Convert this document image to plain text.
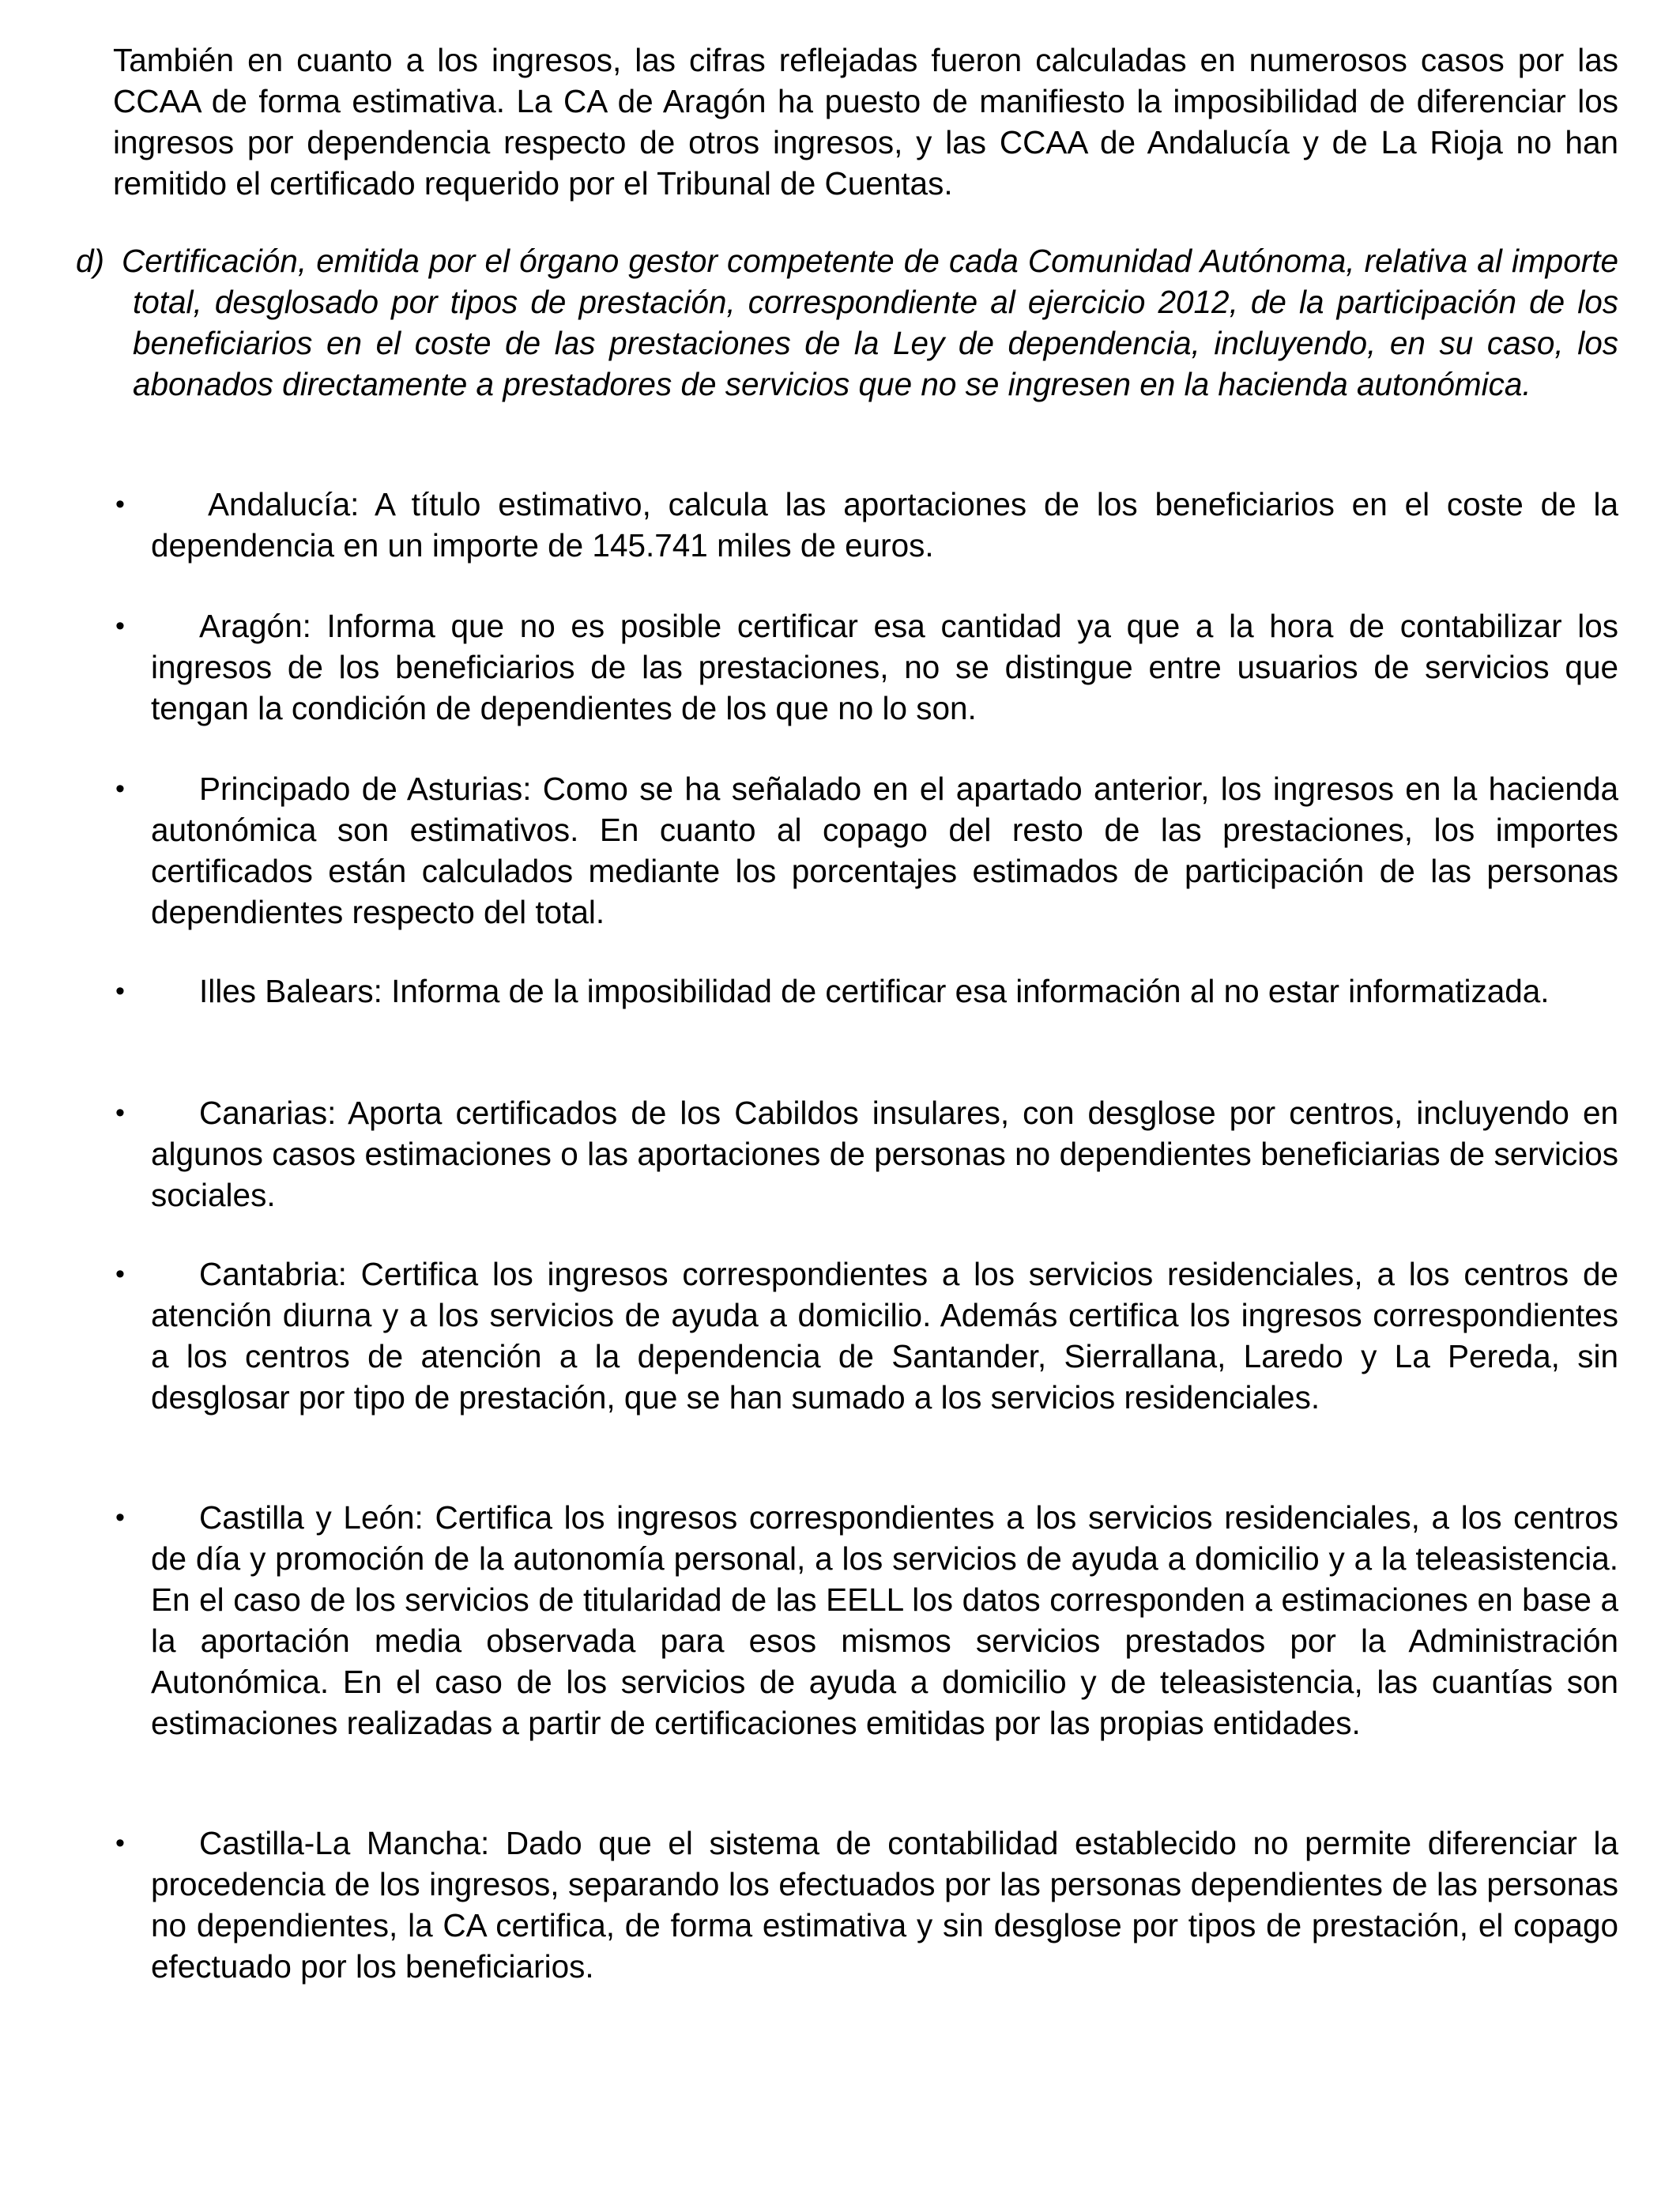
También en cuanto a los ingresos, las cifras reflejadas fueron calculadas en numerosos casos por las CCAA de forma estimativa. La CA de Aragón ha puesto de manifiesto la imposibilidad de diferenciar los ingresos por dependencia respecto de otros ingresos, y las CCAA de Andalucía y de La Rioja no han remitido el certificado requerido por el Tribunal de Cuentas.

d) Certificación, emitida por el órgano gestor competente de cada Comunidad Autónoma, relativa al importe total, desglosado por tipos de prestación, correspondiente al ejercicio 2012, de la participación de los beneficiarios en el coste de las prestaciones de la Ley de dependencia, incluyendo, en su caso, los abonados directamente a prestadores de servicios que no se ingresen en la hacienda autonómica.
•	Andalucía: A título estimativo, calcula las aportaciones de los beneficiarios en el coste de la dependencia en un importe de 145.741 miles de euros.
•	Aragón: Informa que no es posible certificar esa cantidad ya que a la hora de contabilizar los ingresos de los beneficiarios de las prestaciones, no se distingue entre usuarios de servicios que tengan la condición de dependientes de los que no lo son.
•	Principado de Asturias: Como se ha señalado en el apartado anterior, los ingresos en la hacienda autonómica son estimativos. En cuanto al copago del resto de las prestaciones, los importes certificados están calculados mediante los porcentajes estimados de participación de las personas dependientes respecto del total.
•	Illes Balears: Informa de la imposibilidad de certificar esa información al no estar informatizada.
•	Canarias: Aporta certificados de los Cabildos insulares, con desglose por centros, incluyendo en algunos casos estimaciones o las aportaciones de personas no dependientes beneficiarias de servicios sociales.
•	Cantabria: Certifica los ingresos correspondientes a los servicios residenciales, a los centros de atención diurna y a los servicios de ayuda a domicilio. Además certifica los ingresos correspondientes a los centros de atención a la dependencia de Santander, Sierrallana, Laredo y La Pereda, sin desglosar por tipo de prestación, que se han sumado a los servicios residenciales.
•	Castilla y León: Certifica los ingresos correspondientes a los servicios residenciales, a los centros de día y promoción de la autonomía personal, a los servicios de ayuda a domicilio y a la teleasistencia. En el caso de los servicios de titularidad de las EELL los datos corresponden a estimaciones en base a la aportación media observada para esos mismos servicios prestados por la Administración Autonómica. En el caso de los servicios de ayuda a domicilio y de teleasistencia, las cuantías son estimaciones realizadas a partir de certificaciones emitidas por las propias entidades.
•	Castilla-La Mancha: Dado que el sistema de contabilidad establecido no permite diferenciar la procedencia de los ingresos, separando los efectuados por las personas dependientes de las personas no dependientes, la CA certifica, de forma estimativa y sin desglose por tipos de prestación, el copago efectuado por los beneficiarios.
